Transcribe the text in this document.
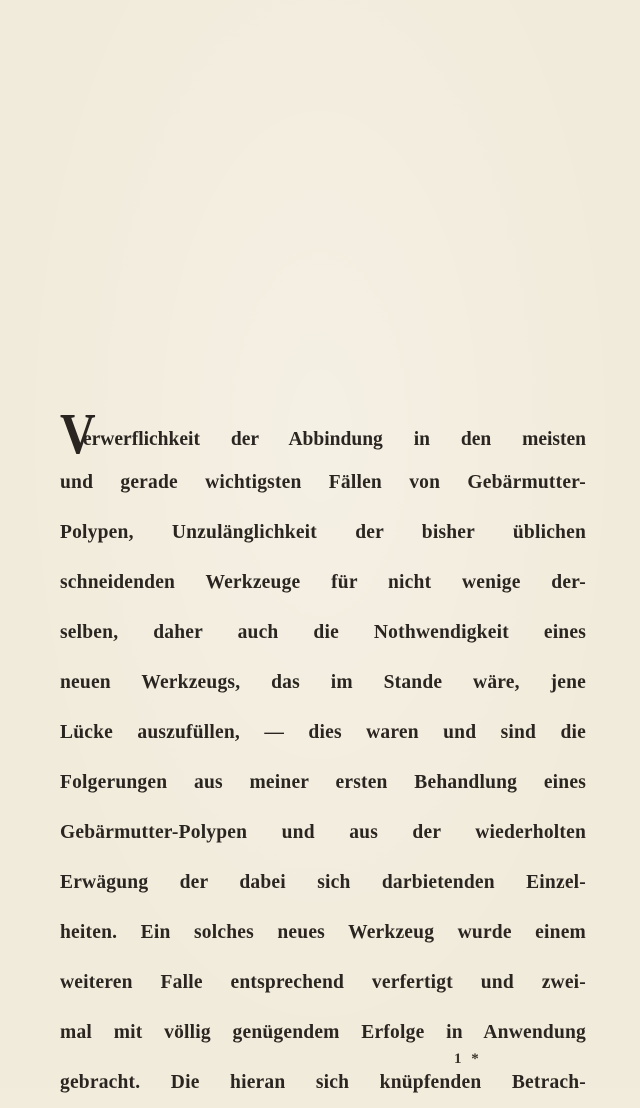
V
erwerflichkeit der Abbindung in den meisten
und gerade wichtigsten Fällen von Gebärmutter-
Polypen, Unzulänglichkeit der bisher üblichen
schneidenden Werkzeuge für nicht wenige der-
selben, daher auch die Nothwendigkeit eines
neuen Werkzeugs, das im Stande wäre, jene
Lücke auszufüllen, — dies waren und sind die
Folgerungen aus meiner ersten Behandlung eines
Gebärmutter-Polypen und aus der wiederholten
Erwägung der dabei sich darbietenden Einzel-
heiten. Ein solches neues Werkzeug wurde einem
weiteren Falle entsprechend verfertigt und zwei-
mal mit völlig genügendem Erfolge in Anwendung
gebracht. Die hieran sich knüpfenden Betrach-
1 *
